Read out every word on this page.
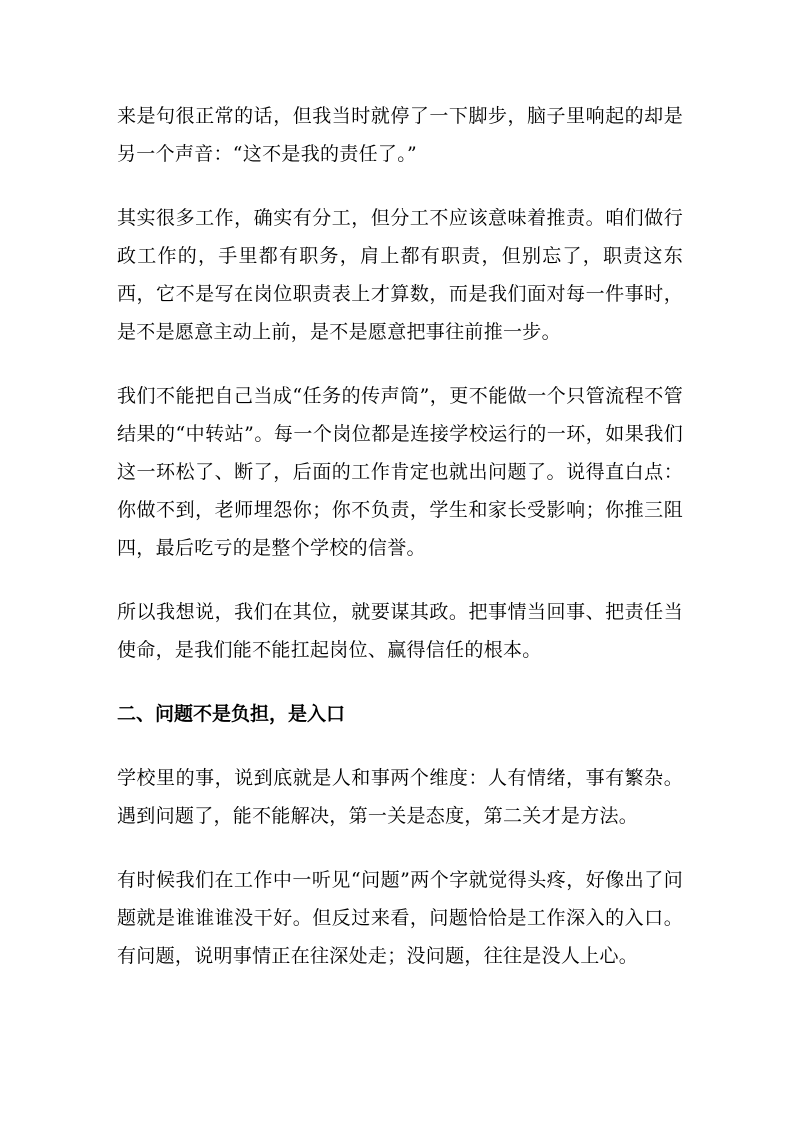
来是句很正常的话，但我当时就停了一下脚步，脑子里响起的却是另一个声音：“这不是我的责任了。”

其实很多工作，确实有分工，但分工不应该意味着推责。咱们做行政工作的，手里都有职务，肩上都有职责，但别忘了，职责这东西，它不是写在岗位职责表上才算数，而是我们面对每一件事时，是不是愿意主动上前，是不是愿意把事往前推一步。

我们不能把自己当成“任务的传声筒”，更不能做一个只管流程不管结果的“中转站”。每一个岗位都是连接学校运行的一环，如果我们这一环松了、断了，后面的工作肯定也就出问题了。说得直白点：你做不到，老师埋怨你；你不负责，学生和家长受影响；你推三阻四，最后吃亏的是整个学校的信誉。

所以我想说，我们在其位，就要谋其政。把事情当回事、把责任当使命，是我们能不能扛起岗位、赢得信任的根本。

二、问题不是负担，是入口

学校里的事，说到底就是人和事两个维度：人有情绪，事有繁杂。遇到问题了，能不能解决，第一关是态度，第二关才是方法。

有时候我们在工作中一听见“问题”两个字就觉得头疼，好像出了问题就是谁谁谁没干好。但反过来看，问题恰恰是工作深入的入口。有问题，说明事情正在往深处走；没问题，往往是没人上心。
